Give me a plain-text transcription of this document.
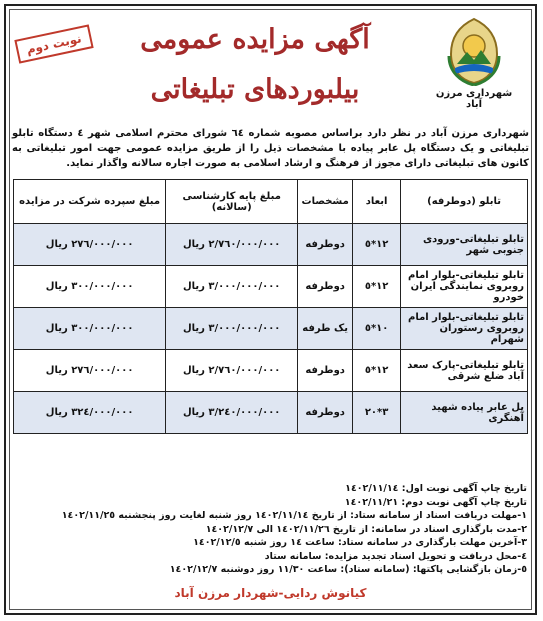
شهرداری مرزن آباد
آگهی مزایده عمومی
بیلبوردهای تبلیغاتی
نوبت دوم
شهرداری مرزن آباد در نظر دارد براساس مصوبه شماره ٦٤ شورای محترم اسلامی شهر ٤ دستگاه تابلو تبلیغاتی و یک دستگاه پل عابر پیاده با مشخصات ذیل را از طریق مزایده عمومی جهت امور تبلیغاتی به کانون های تبلیغاتی دارای مجوز از فرهنگ و ارشاد اسلامی به صورت اجاره سالانه واگذار نماید.
تابلو (دوطرفه)	ابعاد	مشخصات	مبلغ پایه کارشناسی (سالانه)	مبلغ سپرده شرکت در مزایده
تابلو تبلیغاتی-ورودی جنوبی شهر	١٢*٥	دوطرفه	٢/٧٦٠/٠٠٠/٠٠٠ ریال	٢٧٦/٠٠٠/٠٠٠ ریال
تابلو تبلیغاتی-بلوار امام روبروی نمایندگی ایران خودرو	١٢*٥	دوطرفه	٣/٠٠٠/٠٠٠/٠٠٠ ریال	٣٠٠/٠٠٠/٠٠٠ ریال
تابلو تبلیغاتی-بلوار امام روبروی رستوران شهرام	١٠*٥	یک طرفه	٣/٠٠٠/٠٠٠/٠٠٠ ریال	٣٠٠/٠٠٠/٠٠٠ ریال
تابلو تبلیغاتی-پارک سعد آباد ضلع شرقی	١٢*٥	دوطرفه	٢/٧٦٠/٠٠٠/٠٠٠ ریال	٢٧٦/٠٠٠/٠٠٠ ریال
پل عابر پیاده شهید آهنگری	٣*٢٠	دوطرفه	٣/٢٤٠/٠٠٠/٠٠٠ ریال	٣٢٤/٠٠٠/٠٠٠ ریال
تاریخ چاپ آگهی نوبت اول: ١٤٠٢/١١/١٤
تاریخ چاپ آگهی نوبت دوم: ١٤٠٢/١١/٢١
١-مهلت دریافت اسناد از سامانه ستاد: از تاریخ ١٤٠٢/١١/١٤ روز شنبه لغایت روز پنجشنبه ١٤٠٢/١١/٢٥
٢-مدت بارگذاری اسناد در سامانه: از تاریخ ١٤٠٢/١١/٢٦ الی ١٤٠٢/١٢/٧
٣-آخرین مهلت بارگذاری در سامانه ستاد: ساعت ١٤ روز شنبه ١٤٠٢/١٢/٥
٤-محل دریافت و تحویل اسناد تجدید مزایده: سامانه ستاد
٥-زمان بازگشایی پاکتها: (سامانه ستاد): ساعت ١١/٣٠ روز دوشنبه ١٤٠٢/١٢/٧
کیانوش ردایی-شهردار مرزن آباد
